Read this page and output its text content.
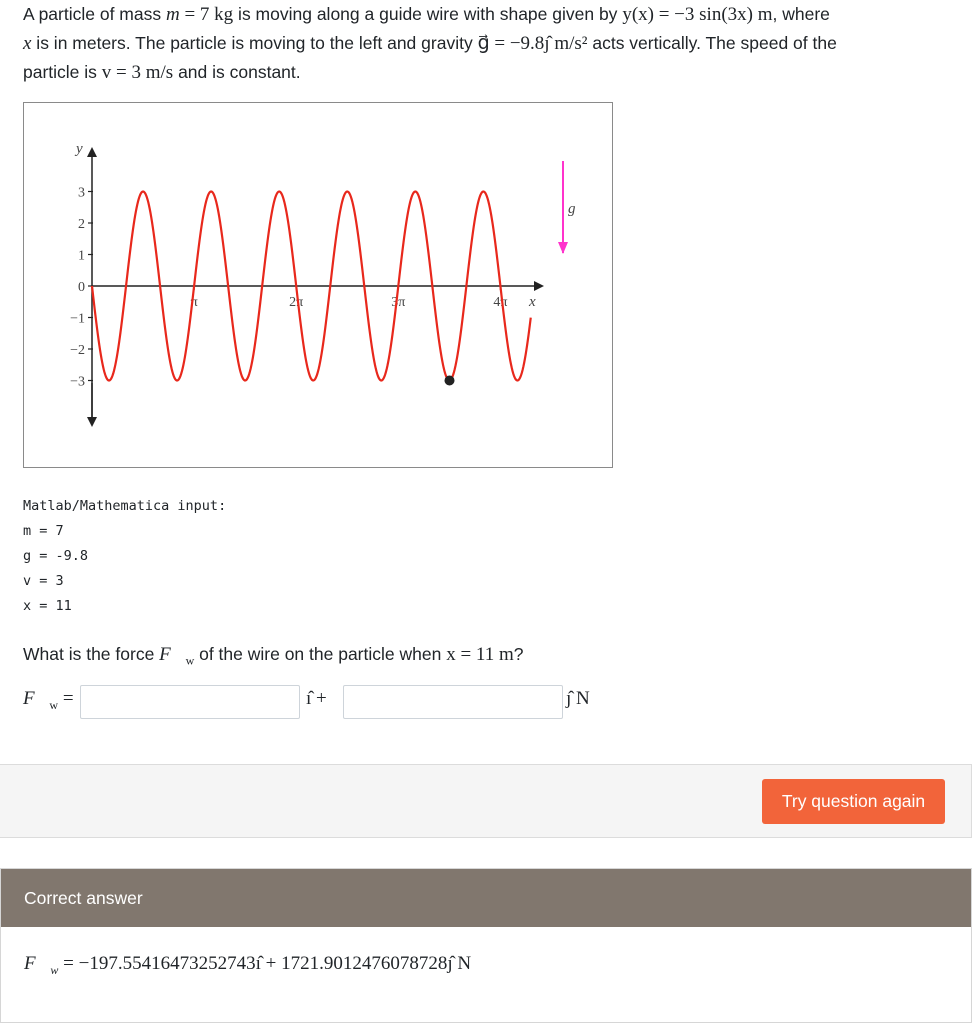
A particle of mass m = 7 kg is moving along a guide wire with shape given by y(x) = −3 sin(3x) m, where
x is in meters. The particle is moving to the left and gravity g⃗ = −9.8ȷ̂ m/s² acts vertically. The speed of the
particle is v = 3 m/s and is constant.
y
x
3
2
1
0
−1
−2
−3
π	2π	3π	4π
g
Matlab/Mathematica input:
m = 7
g = -9.8
v = 3
x = 11
What is the force $F⃗_w$ of the wire on the particle when x = 11 m?
$F⃗_w$ =	ı̂ +	ȷ̂ N
Try question again
Correct answer
$F⃗_w$ = −197.55416473252743ı̂ + 1721.9012476078728ȷ̂ N
